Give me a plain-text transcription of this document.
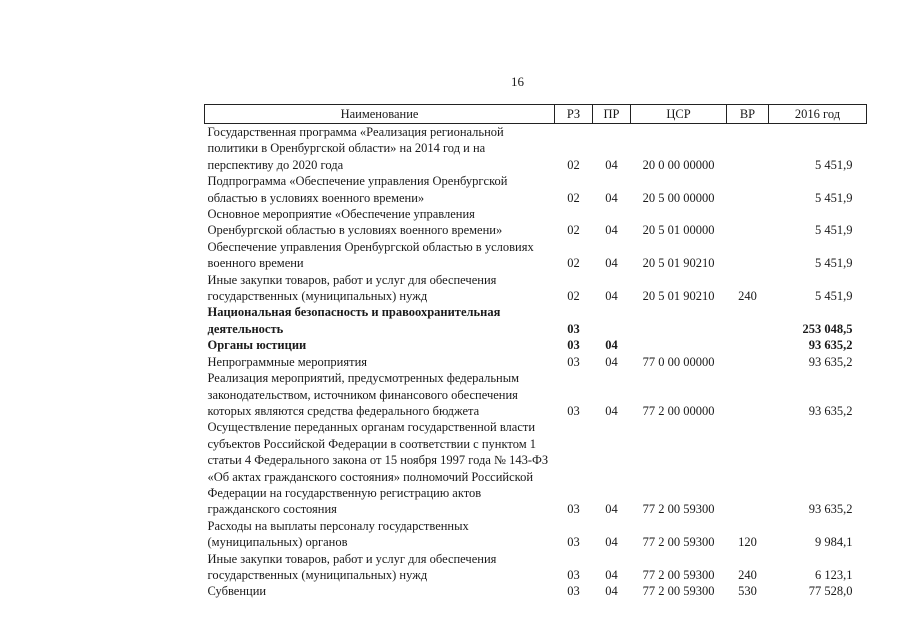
16
Наименование	РЗ	ПР	ЦСР	ВР	2016 год
Государственная программа «Реализация региональной политики в Оренбургской области» на 2014 год и на перспективу до 2020 года	02	04	20 0 00 00000		5 451,9
Подпрограмма «Обеспечение управления Оренбургской областью в условиях военного времени»	02	04	20 5 00 00000		5 451,9
Основное мероприятие «Обеспечение управления Оренбургской областью в условиях военного времени»	02	04	20 5 01 00000		5 451,9
Обеспечение управления Оренбургской областью в условиях военного времени	02	04	20 5 01 90210		5 451,9
Иные закупки товаров, работ и услуг для обеспечения государственных (муниципальных) нужд	02	04	20 5 01 90210	240	5 451,9
Национальная безопасность и правоохранительная деятельность	03				253 048,5
Органы юстиции	03	04			93 635,2
Непрограммные мероприятия	03	04	77 0 00 00000		93 635,2
Реализация мероприятий, предусмотренных федеральным законодательством, источником финансового обеспечения которых являются средства федерального бюджета	03	04	77 2 00 00000		93 635,2
Осуществление переданных органам государственной власти субъектов Российской Федерации в соответствии с пунктом 1 статьи 4 Федерального закона от 15 ноября 1997 года № 143-ФЗ «Об актах гражданского состояния» полномочий Российской Федерации на государственную регистрацию актов гражданского состояния	03	04	77 2 00 59300		93 635,2
Расходы на выплаты персоналу государственных (муниципальных) органов	03	04	77 2 00 59300	120	9 984,1
Иные закупки товаров, работ и услуг для обеспечения государственных (муниципальных) нужд	03	04	77 2 00 59300	240	6 123,1
Субвенции	03	04	77 2 00 59300	530	77 528,0
